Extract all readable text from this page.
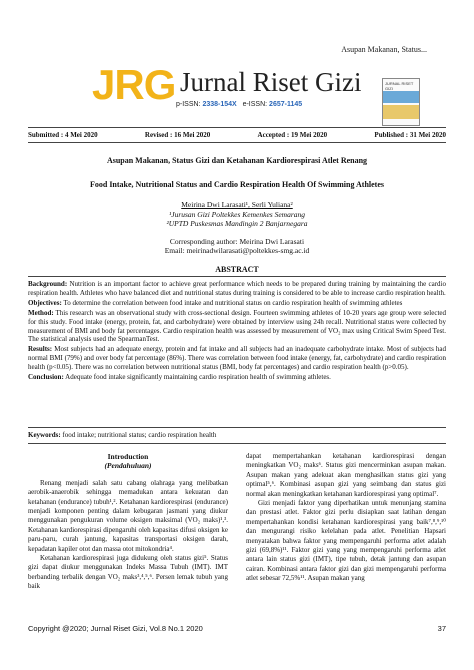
Asupan Makanan, Status...
JRG Jurnal Riset Gizi
p-ISSN: 2338-154X e-ISSN: 2657-1145
JURNAL RISET GIZI
Submitted : 4 Mei 2020	Revised : 16 Mei 2020	Accepted : 19 Mei 2020	Published : 31 Mei 2020
Asupan Makanan, Status Gizi dan Ketahanan Kardiorespirasi Atlet Renang
Food Intake, Nutritional Status and Cardio Respiration Health Of Swimming Athletes
Meirina Dwi Larasati¹, Serli Yuliana²
¹Jurusan Gizi Poltekkes Kemenkes Semarang
²UPTD Puskesmas Mandingin 2 Banjarnegara
Corresponding author: Meirina Dwi Larasati
Email: meirinadwilarasati@poltekkes-smg.ac.id
ABSTRACT

Background: Nutrition is an important factor to achieve great performance which needs to be prepared during training by maintaining the cardio respiration health. Athletes who have balanced diet and nutritional status during training is considered to be able to increase cardio respiration health.

Objectives: To determine the correlation between food intake and nutritional status on cardio respiration health of swimming athletes

Method: This research was an observational study with cross-sectional design. Fourteen swimming athletes of 10-20 years age group were selected for this study. Food intake (energy, protein, fat, and carbohydrate) were obtained by interview using 24h recall. Nutritional status were collected by measurement of BMI and body fat percentages. Cardio respiration health was assessed by measurement of VO₂ max using Critical Swim Speed Test. The statistical analysis used the SpearmanTest.

Results: Most subjects had an adequate energy, protein and fat intake and all subjects had an inadequate carbohydrate intake. Most of subjects had normal BMI (79%) and over body fat percentage (86%). There was correlation between food intake (energy, fat, carbohydrate) and cardio respiration health (p<0.05). There was no correlation between nutritional status (BMI, body fat percentages) and cardio respiration health (p>0.05).

Conclusion: Adequate food intake significantly maintaining cardio respiration health of swimming athletes.

Keywords: food intake; nutritional status; cardio respiration health
Introduction
(Pendahuluan)

Renang menjadi salah satu cabang olahraga yang melibatkan aerobik-anaerobik sehingga memadukan antara kekuatan dan ketahanan (endurance) tubuh¹,². Ketahanan kardiorespirasi (endurance) menjadi komponen penting dalam kebugaran jasmani yang diukur menggunakan pengukuran volume oksigen maksimal (VO₂ maks)¹,³. Ketahanan kardiorespirasi dipengaruhi oleh kapasitas difusi oksigen ke paru-paru, curah jantung, kapasitas transportasi oksigen darah, kepadatan kapiler otot dan massa otot mitokondria⁴.

Ketahanan kardiorespirasi juga didukung oleh status gizi⁵. Status gizi dapat diukur menggunakan Indeks Massa Tubuh (IMT). IMT berbanding terbalik dengan VO₂ maks³,⁴,⁵,⁶. Persen lemak tubuh yang baik

dapat mempertahankan ketahanan kardiorespirasi dengan meningkatkan VO₂ maks⁶. Status gizi mencerminkan asupan makan. Asupan makan yang adekuat akan menghasilkan status gizi yang optimal⁵,⁶. Kombinasi asupan gizi yang seimbang dan status gizi normal akan meningkatkan ketahanan kardiorespirasi yang optimal⁷.

Gizi menjadi faktor yang diperhatikan untuk menunjang stamina dan prestasi atlet. Faktor gizi perlu disiapkan saat latihan dengan mempertahankan kondisi ketahanan kardiorespirasi yang baik⁷,⁸,⁹,¹⁰ dan mengurangi risiko kelelahan pada atlet. Penelitian Hapsari menyatakan bahwa faktor yang mempengaruhi performa atlet adalah gizi (69,8%)¹¹. Faktor gizi yang yang mempengaruhi performa atlet antara lain status gizi (IMT), tipe tubuh, detak jantung dan asupan cairan. Kombinasi antara faktor gizi dan gizi mempengaruhi performa atlet sebesar 72,5%¹¹. Asupan makan yang

Copyright @2020; Jurnal Riset Gizi, Vol.8 No.1 2020	37
